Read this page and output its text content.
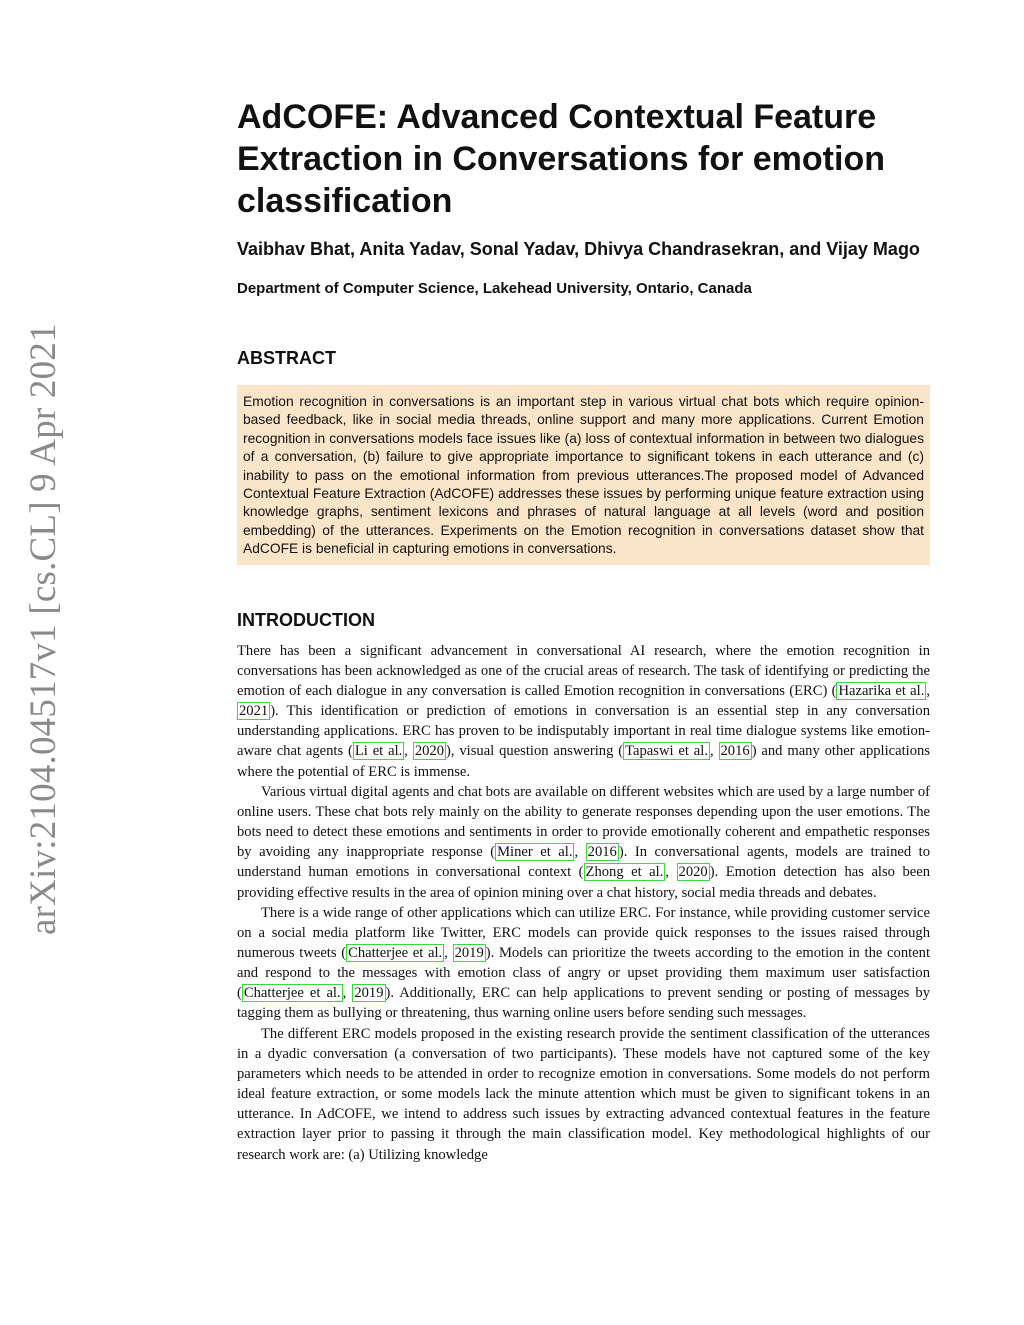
arXiv:2104.04517v1 [cs.CL] 9 Apr 2021
AdCOFE: Advanced Contextual Feature Extraction in Conversations for emotion classification
Vaibhav Bhat, Anita Yadav, Sonal Yadav, Dhivya Chandrasekran, and Vijay Mago
Department of Computer Science, Lakehead University, Ontario, Canada
ABSTRACT
Emotion recognition in conversations is an important step in various virtual chat bots which require opinion-based feedback, like in social media threads, online support and many more applications. Current Emotion recognition in conversations models face issues like (a) loss of contextual information in between two dialogues of a conversation, (b) failure to give appropriate importance to significant tokens in each utterance and (c) inability to pass on the emotional information from previous utterances.The proposed model of Advanced Contextual Feature Extraction (AdCOFE) addresses these issues by performing unique feature extraction using knowledge graphs, sentiment lexicons and phrases of natural language at all levels (word and position embedding) of the utterances. Experiments on the Emotion recognition in conversations dataset show that AdCOFE is beneficial in capturing emotions in conversations.
INTRODUCTION

There has been a significant advancement in conversational AI research, where the emotion recognition in conversations has been acknowledged as one of the crucial areas of research. The task of identifying or predicting the emotion of each dialogue in any conversation is called Emotion recognition in conversations (ERC) ( Hazarika et al. , 2021 ). This identification or prediction of emotions in conversation is an essential step in any conversation understanding applications. ERC has proven to be indisputably important in real time dialogue systems like emotion-aware chat agents ( Li et al. , 2020 ), visual question answering ( Tapaswi et al. , 2016 ) and many other applications where the potential of ERC is immense.

Various virtual digital agents and chat bots are available on different websites which are used by a large number of online users. These chat bots rely mainly on the ability to generate responses depending upon the user emotions. The bots need to detect these emotions and sentiments in order to provide emotionally coherent and empathetic responses by avoiding any inappropriate response ( Miner et al. , 2016 ). In conversational agents, models are trained to understand human emotions in conversational context ( Zhong et al. , 2020 ). Emotion detection has also been providing effective results in the area of opinion mining over a chat history, social media threads and debates.

There is a wide range of other applications which can utilize ERC. For instance, while providing customer service on a social media platform like Twitter, ERC models can provide quick responses to the issues raised through numerous tweets ( Chatterjee et al. , 2019 ). Models can prioritize the tweets according to the emotion in the content and respond to the messages with emotion class of angry or upset providing them maximum user satisfaction ( Chatterjee et al. , 2019 ). Additionally, ERC can help applications to prevent sending or posting of messages by tagging them as bullying or threatening, thus warning online users before sending such messages.

The different ERC models proposed in the existing research provide the sentiment classification of the utterances in a dyadic conversation (a conversation of two participants). These models have not captured some of the key parameters which needs to be attended in order to recognize emotion in conversations. Some models do not perform ideal feature extraction, or some models lack the minute attention which must be given to significant tokens in an utterance. In AdCOFE, we intend to address such issues by extracting advanced contextual features in the feature extraction layer prior to passing it through the main classification model. Key methodological highlights of our research work are: (a) Utilizing knowledge
